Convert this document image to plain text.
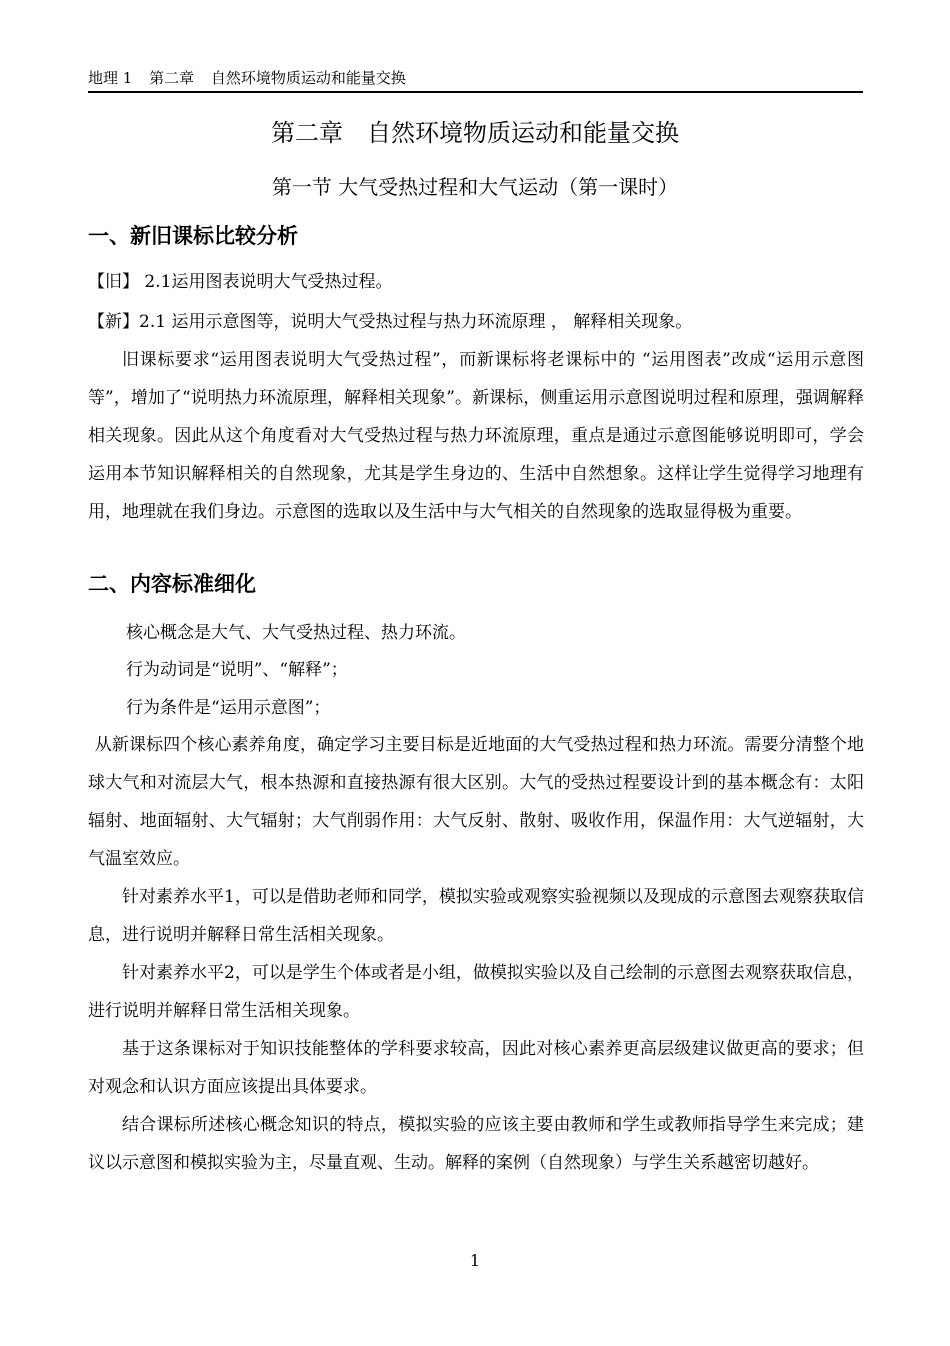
地理 1 第二章 自然环境物质运动和能量交换
第二章　自然环境物质运动和能量交换
第一节 大气受热过程和大气运动（第一课时）
一、新旧课标比较分析
【旧】 2.1运用图表说明大气受热过程。
【新】2.1 运用示意图等，说明大气受热过程与热力环流原理 ， 解释相关现象。

旧课标要求“运用图表说明大气受热过程”，而新课标将老课标中的 “运用图表”改成“运用示意图等”，增加了“说明热力环流原理，解释相关现象”。新课标，侧重运用示意图说明过程和原理，强调解释相关现象。因此从这个角度看对大气受热过程与热力环流原理，重点是通过示意图能够说明即可，学会运用本节知识解释相关的自然现象，尤其是学生身边的、生活中自然想象。这样让学生觉得学习地理有用，地理就在我们身边。示意图的选取以及生活中与大气相关的自然现象的选取显得极为重要。

二、内容标准细化
核心概念是大气、大气受热过程、热力环流。
行为动词是“说明”、“解释”；
行为条件是“运用示意图”；

从新课标四个核心素养角度，确定学习主要目标是近地面的大气受热过程和热力环流。需要分清整个地球大气和对流层大气，根本热源和直接热源有很大区别。大气的受热过程要设计到的基本概念有：太阳辐射、地面辐射、大气辐射；大气削弱作用：大气反射、散射、吸收作用，保温作用：大气逆辐射，大气温室效应。

针对素养水平1，可以是借助老师和同学，模拟实验或观察实验视频以及现成的示意图去观察获取信息，进行说明并解释日常生活相关现象。

针对素养水平2，可以是学生个体或者是小组，做模拟实验以及自己绘制的示意图去观察获取信息，进行说明并解释日常生活相关现象。

基于这条课标对于知识技能整体的学科要求较高，因此对核心素养更高层级建议做更高的要求；但对观念和认识方面应该提出具体要求。

结合课标所述核心概念知识的特点，模拟实验的应该主要由教师和学生或教师指导学生来完成；建议以示意图和模拟实验为主，尽量直观、生动。解释的案例（自然现象）与学生关系越密切越好。

1
